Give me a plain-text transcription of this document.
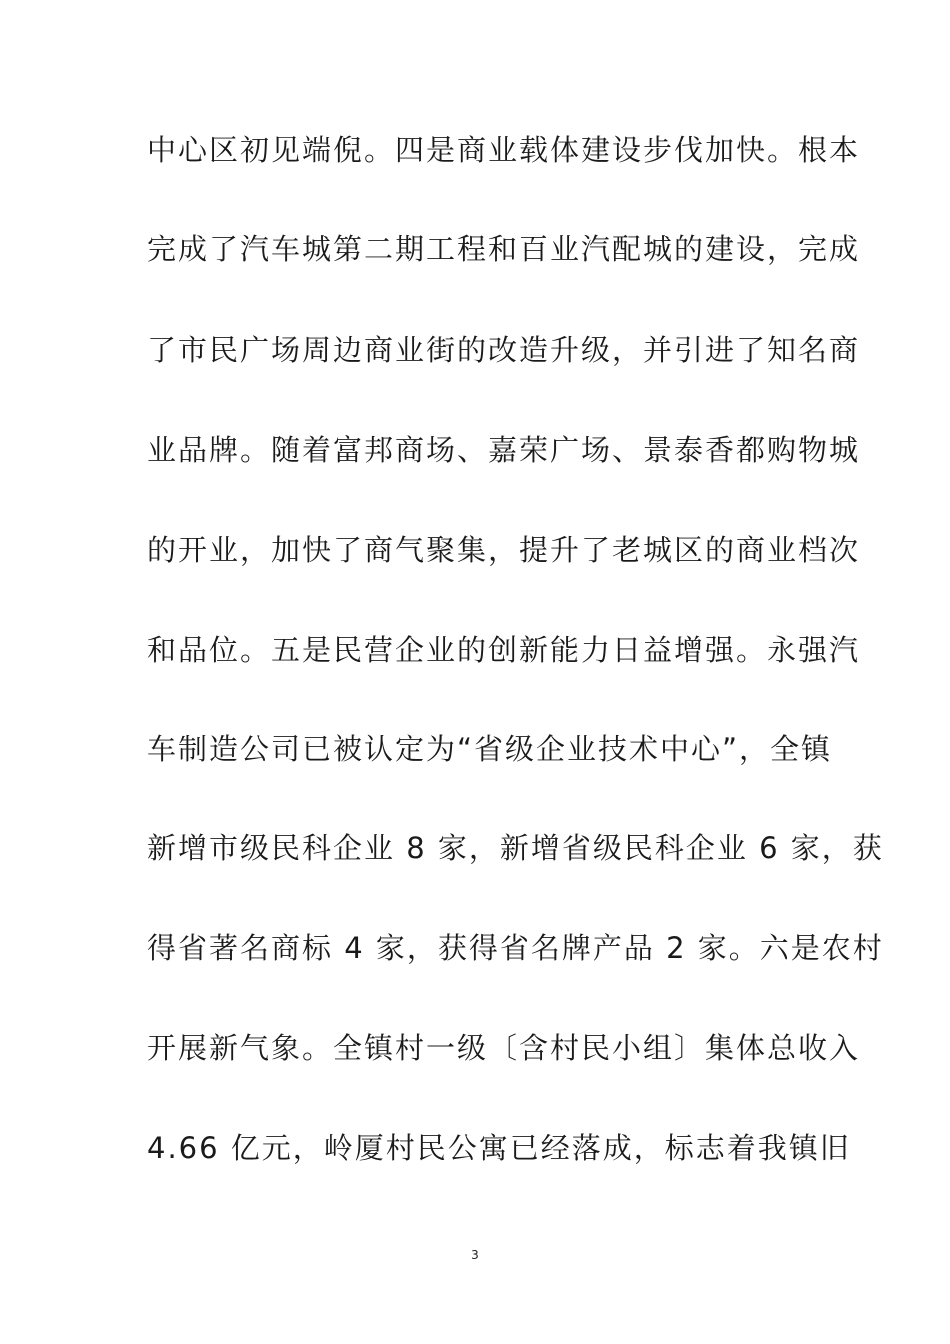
中心区初见端倪。四是商业载体建设步伐加快。根本
完成了汽车城第二期工程和百业汽配城的建设，完成
了市民广场周边商业街的改造升级，并引进了知名商
业品牌。随着富邦商场、嘉荣广场、景泰香都购物城
的开业，加快了商气聚集，提升了老城区的商业档次
和品位。五是民营企业的创新能力日益增强。永强汽
车制造公司已被认定为“省级企业技术中心”，全镇
新增市级民科企业 8 家，新增省级民科企业 6 家，获
得省著名商标 4 家，获得省名牌产品 2 家。六是农村
开展新气象。全镇村一级〔含村民小组〕集体总收入
4.66 亿元，岭厦村民公寓已经落成，标志着我镇旧
3
